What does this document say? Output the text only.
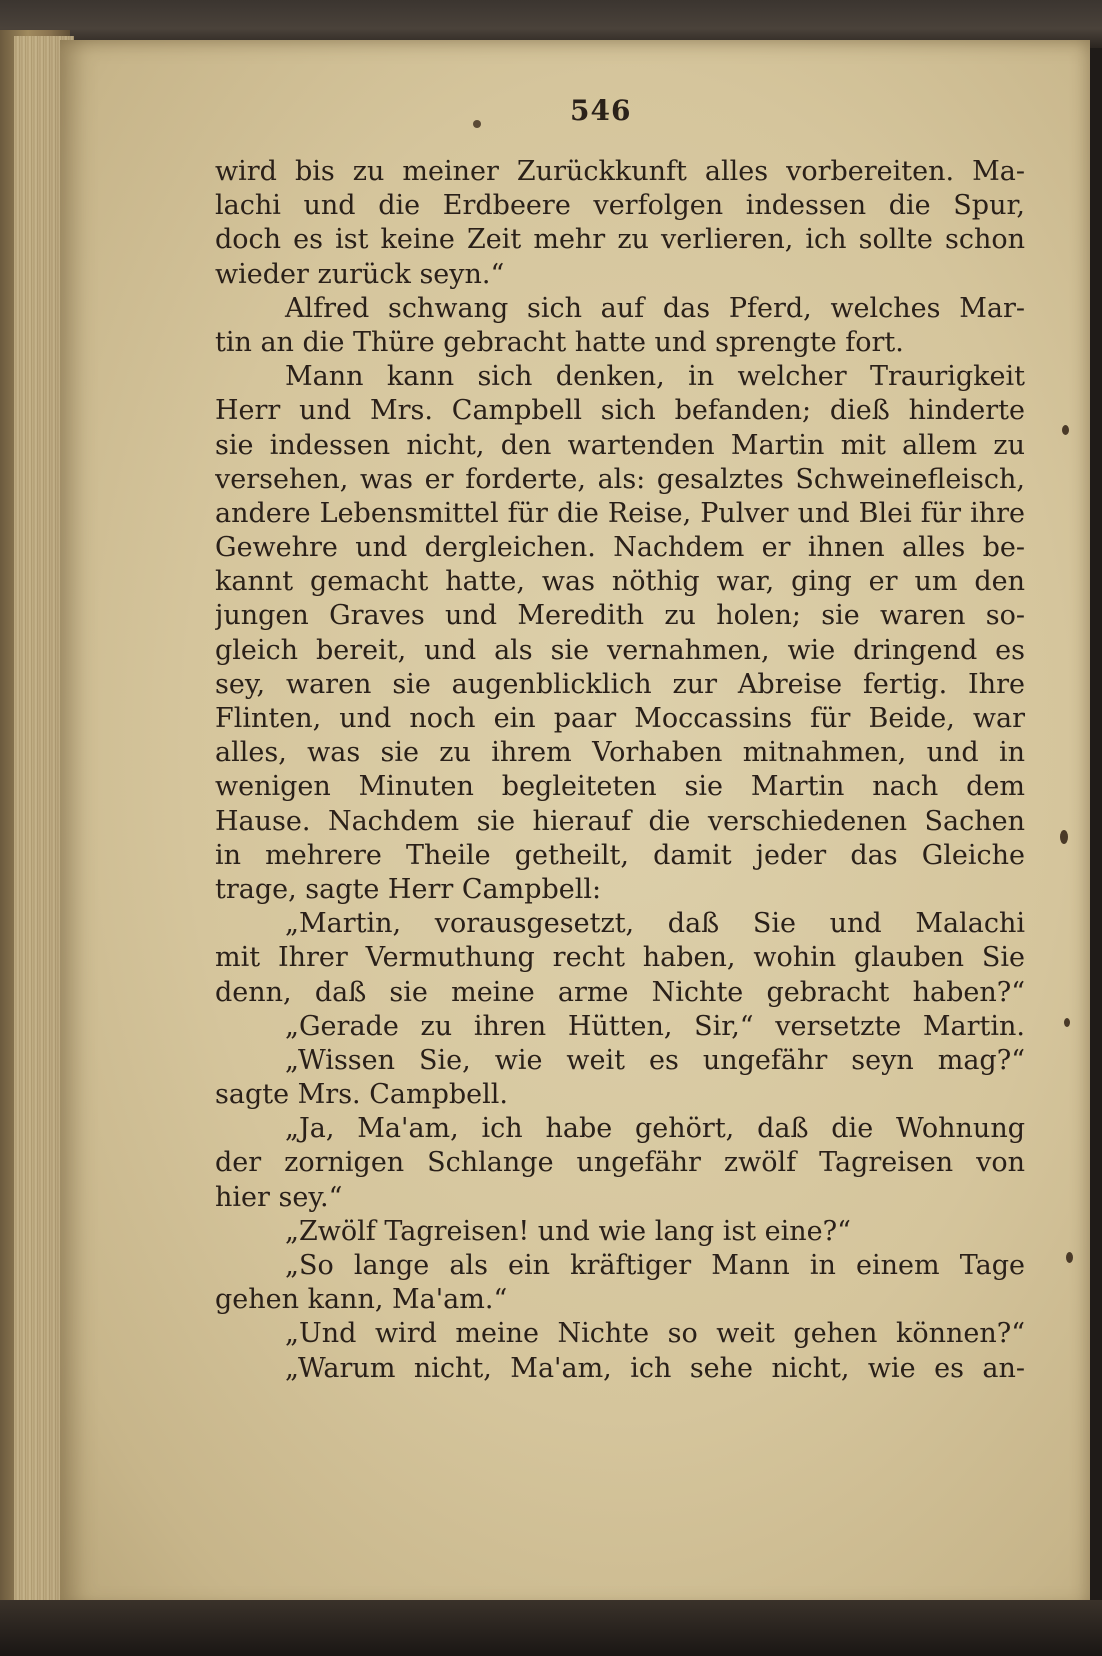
546
wird bis zu meiner Zurückkunft alles vorbereiten. Ma-
lachi und die Erdbeere verfolgen indessen die Spur,
doch es ist keine Zeit mehr zu verlieren, ich sollte schon
wieder zurück seyn.“
Alfred schwang sich auf das Pferd, welches Mar-
tin an die Thüre gebracht hatte und sprengte fort.
Mann kann sich denken, in welcher Traurigkeit
Herr und Mrs. Campbell sich befanden; dieß hinderte
sie indessen nicht, den wartenden Martin mit allem zu
versehen, was er forderte, als: gesalztes Schweinefleisch,
andere Lebensmittel für die Reise, Pulver und Blei für ihre
Gewehre und dergleichen. Nachdem er ihnen alles be-
kannt gemacht hatte, was nöthig war, ging er um den
jungen Graves und Meredith zu holen; sie waren so-
gleich bereit, und als sie vernahmen, wie dringend es
sey, waren sie augenblicklich zur Abreise fertig. Ihre
Flinten, und noch ein paar Moccassins für Beide, war
alles, was sie zu ihrem Vorhaben mitnahmen, und in
wenigen Minuten begleiteten sie Martin nach dem
Hause. Nachdem sie hierauf die verschiedenen Sachen
in mehrere Theile getheilt, damit jeder das Gleiche
trage, sagte Herr Campbell:
„Martin, vorausgesetzt, daß Sie und Malachi
mit Ihrer Vermuthung recht haben, wohin glauben Sie
denn, daß sie meine arme Nichte gebracht haben?“
„Gerade zu ihren Hütten, Sir,“ versetzte Martin.
„Wissen Sie, wie weit es ungefähr seyn mag?“
sagte Mrs. Campbell.
„Ja, Ma'am, ich habe gehört, daß die Wohnung
der zornigen Schlange ungefähr zwölf Tagreisen von
hier sey.“
„Zwölf Tagreisen! und wie lang ist eine?“
„So lange als ein kräftiger Mann in einem Tage
gehen kann, Ma'am.“
„Und wird meine Nichte so weit gehen können?“
„Warum nicht, Ma'am, ich sehe nicht, wie es an-
